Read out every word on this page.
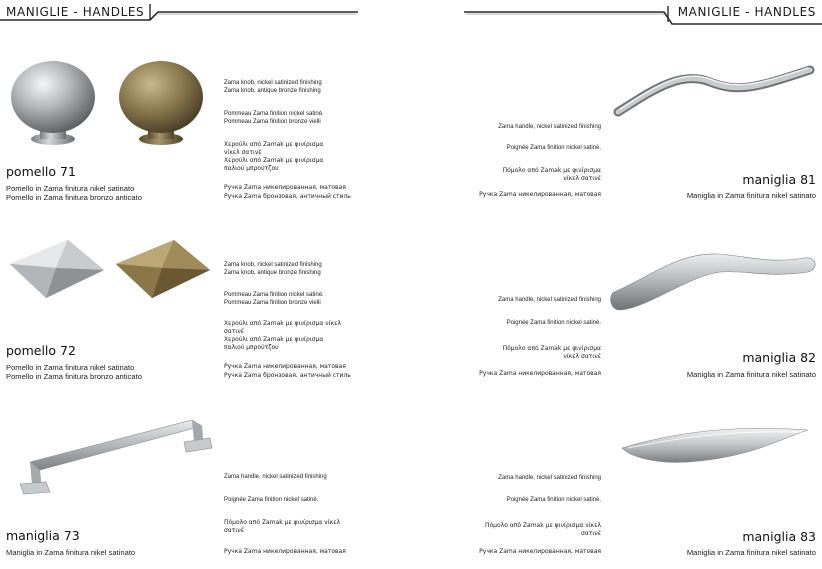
MANIGLIE - HANDLES	MANIGLIE - HANDLES
pomello 71
Pomello in Zama finitura nikel satinato
Pomello in Zama finitura bronzo anticato
Zama knob, nickel satinized finishing
Zama knob, antique bronze finishing
Pommeau Zama finition nickel satinè.
Pommeau Zama finition bronze vielli
Χερούλι από Zamak με φινίρισμα
νίκελ σατινέ
Χερούλι από Zamak με φινίρισμα
παλιού μπρούτζου
Ручка Zama никелированная, матовая
Ручка Zama бронзовая, античный стиль
pomello 72
Pomello in Zama finitura nikel satinato
Pomello in Zama finitura bronzo anticato
Zama knob, nickel satinized finishing
Zama knob, antique bronze finishing
Pommeau Zama finition nickel satinè.
Pommeau Zama finition bronze vielli
Χερούλι από Zamak με φινίρισμα νίκελ
σατινέ
Χερούλι από Zamak με φινίρισμα
παλιού μπρούτζου
Ручка Zama никелированная, матовая
Ручка Zama бронзовая, античный стиль
maniglia 73
Maniglia in Zama finitura nikel satinato
Zama handle, nickel satinized finishing
Poignée Zama finition nickel satinè.
Πόμολο από Zamak με φινίρισμα νίκελ
σατινέ
Ручка Zama никелированная, матовая
maniglia 81
Maniglia in Zama finitura nikel satinato
Zama handle, nickel satinized finishing
Poignée Zama finition nickel satinè.
Πόμολο από Zamak με φινίρισμα
νίκελ σατινέ
Ручка Zama никелированная, матовая
maniglia 82
Maniglia in Zama finitura nikel satinato
Zama handle, nickel satinized finishing
Poignée Zama finition nickel satinè.
Πόμολο από Zamak με φινίρισμα
νίκελ σατινέ
Ручка Zama никелированная, матовая
maniglia 83
Maniglia in Zama finitura nikel satinato
Zama handle, nickel satinized finishing
Poignée Zama finition nickel satinè.
Πόμολο από Zamak με φινίρισμα νίκελ
σατινέ
Ручка Zama никелированная, матовая
